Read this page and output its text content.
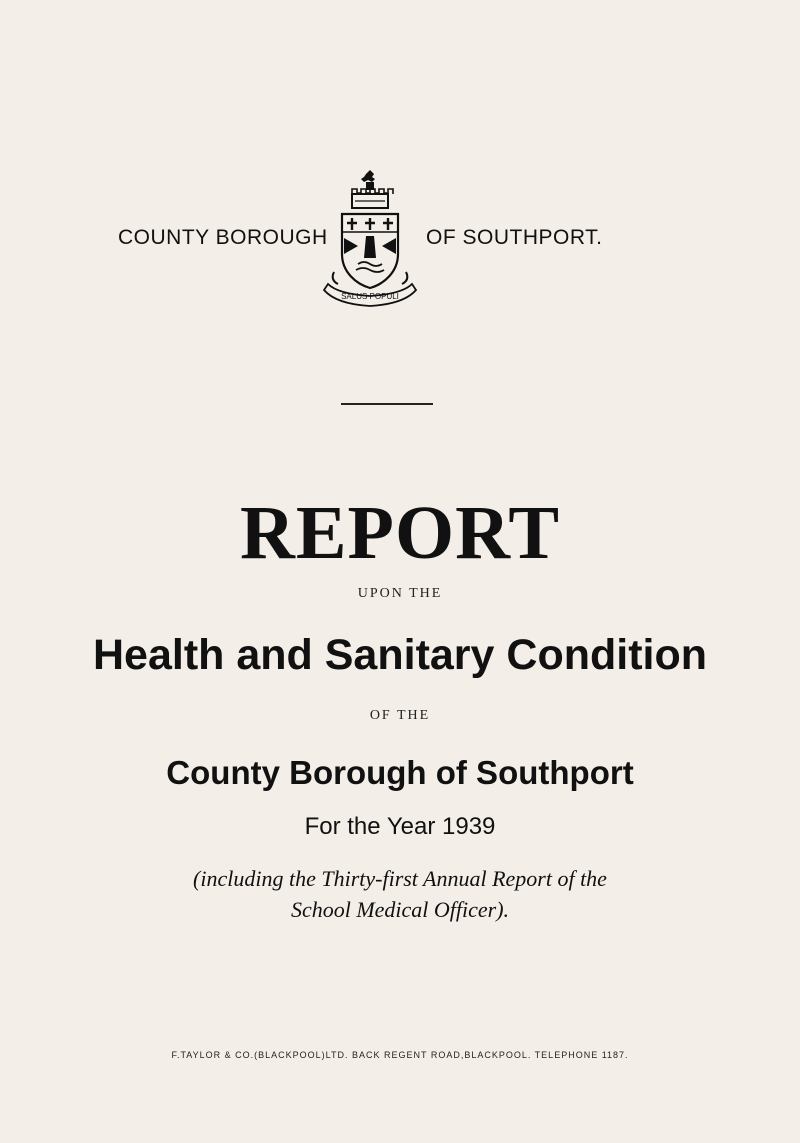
COUNTY BOROUGH
SALUS POPULI
OF SOUTHPORT.
REPORT
UPON THE
Health and Sanitary Condition
OF THE
County Borough of Southport
For the Year 1939
(including the Thirty-first Annual Report of the
School Medical Officer).
F.TAYLOR & CO.(BLACKPOOL)LTD. BACK REGENT ROAD,BLACKPOOL. TELEPHONE 1187.
